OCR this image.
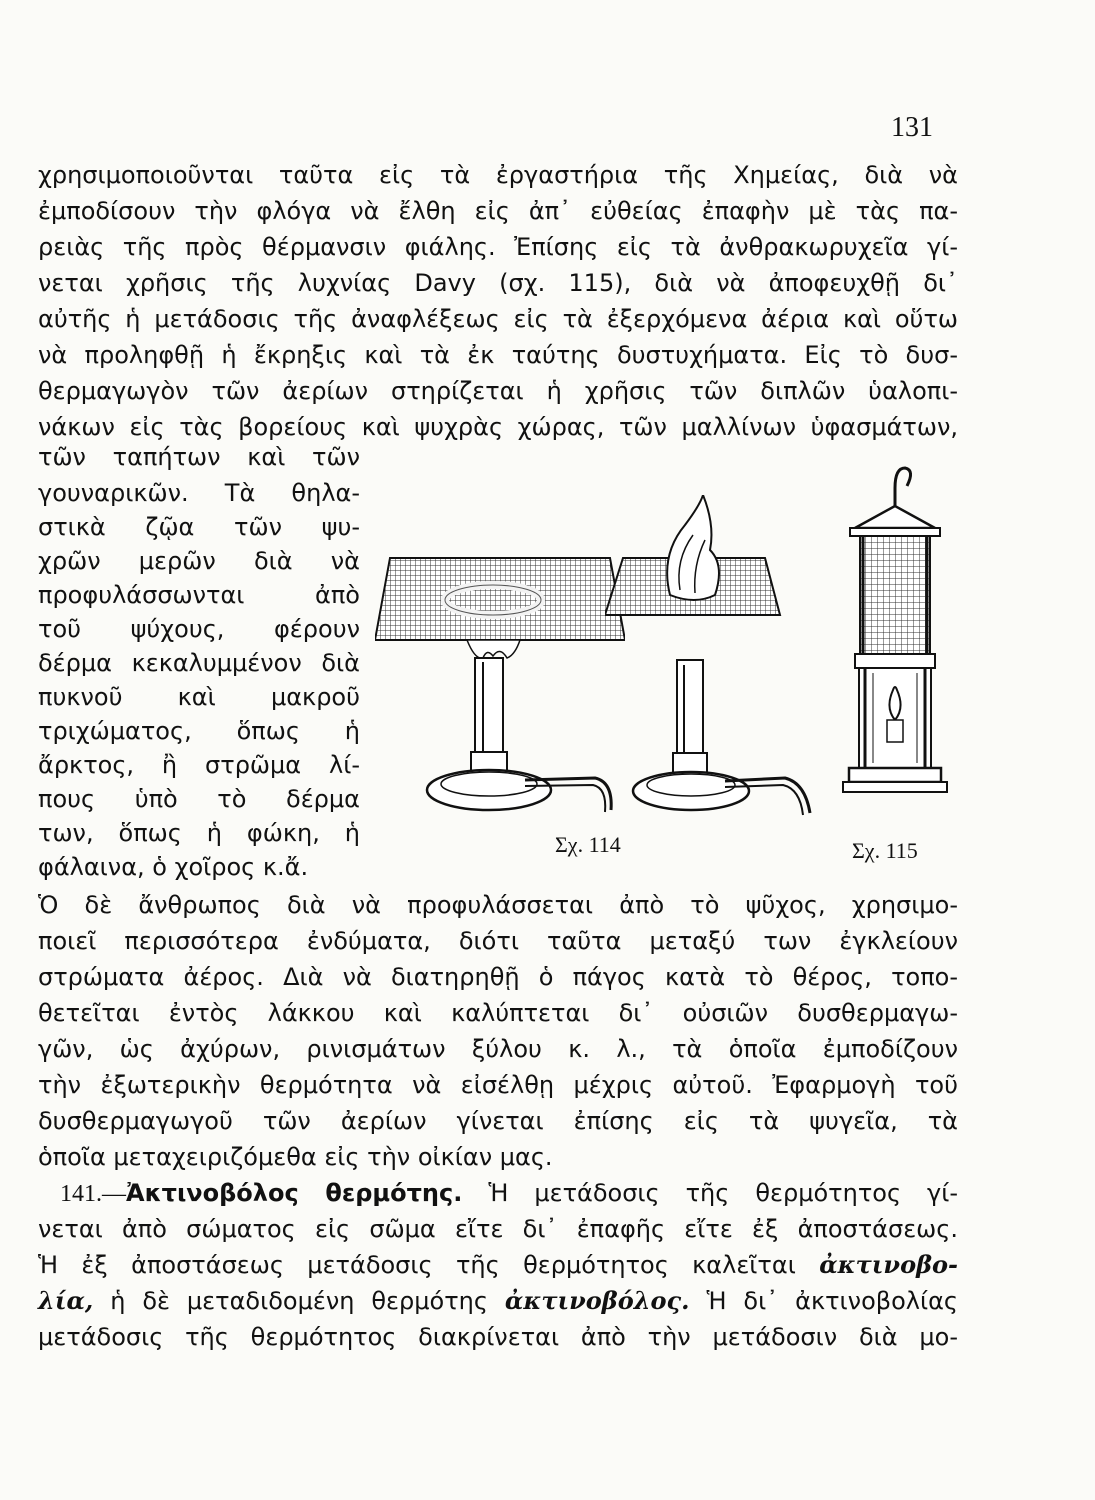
131
χρησιμοποιοῦνται ταῦτα εἰς τὰ ἐργαστήρια τῆς Χημείας, διὰ νὰ
ἐμποδίσουν τὴν φλόγα νὰ ἔλθη εἰς ἀπ᾽ εὐθείας ἐπαφὴν μὲ τὰς πα-
ρειὰς τῆς πρὸς θέρμανσιν φιάλης. Ἐπίσης εἰς τὰ ἀνθρακωρυχεῖα γί-
νεται χρῆσις τῆς λυχνίας Davy (σχ. 115), διὰ νὰ ἀποφευχθῇ δι᾽
αὐτῆς ἡ μετάδοσις τῆς ἀναφλέξεως εἰς τὰ ἐξερχόμενα ἀέρια καὶ οὕτω
νὰ προληφθῇ ἡ ἔκρηξις καὶ τὰ ἐκ ταύτης δυστυχήματα. Εἰς τὸ δυσ-
θερμαγωγὸν τῶν ἀερίων στηρίζεται ἡ χρῆσις τῶν διπλῶν ὑαλοπι-
νάκων εἰς τὰς βορείους καὶ ψυχρὰς χώρας, τῶν μαλλίνων ὑφασμάτων,
τῶν ταπήτων καὶ τῶν
γουναρικῶν. Τὰ θηλα-
στικὰ ζῷα τῶν ψυ-
χρῶν μερῶν διὰ νὰ
προφυλάσσωνται ἀπὸ
τοῦ ψύχους, φέρουν
δέρμα κεκαλυμμένον διὰ
πυκνοῦ καὶ μακροῦ
τριχώματος, ὅπως ἡ
ἄρκτος, ἢ στρῶμα λί-
πους ὑπὸ τὸ δέρμα
των, ὅπως ἡ φώκη, ἡ
φάλαινα, ὁ χοῖρος κ.ἄ.
Σχ. 114	Σχ. 115
Ὁ δὲ ἄνθρωπος διὰ νὰ προφυλάσσεται ἀπὸ τὸ ψῦχος, χρησιμο-
ποιεῖ περισσότερα ἐνδύματα, διότι ταῦτα μεταξύ των ἐγκλείουν
στρώματα ἀέρος. Διὰ νὰ διατηρηθῇ ὁ πάγος κατὰ τὸ θέρος, τοπο-
θετεῖται ἐντὸς λάκκου καὶ καλύπτεται δι᾽ οὐσιῶν δυσθερμαγω-
γῶν, ὡς ἀχύρων, ρινισμάτων ξύλου κ. λ., τὰ ὁποῖα ἐμποδίζουν
τὴν ἐξωτερικὴν θερμότητα νὰ εἰσέλθῃ μέχρις αὐτοῦ. Ἐφαρμογὴ τοῦ
δυσθερμαγωγοῦ τῶν ἀερίων γίνεται ἐπίσης εἰς τὰ ψυγεῖα, τὰ
ὁποῖα μεταχειριζόμεθα εἰς τὴν οἰκίαν μας.
141.—Ἀκτινοβόλος θερμότης. Ἡ μετάδοσις τῆς θερμότητος γί-
νεται ἀπὸ σώματος εἰς σῶμα εἴτε δι᾽ ἐπαφῆς εἴτε ἐξ ἀποστάσεως.
Ἡ ἐξ ἀποστάσεως μετάδοσις τῆς θερμότητος καλεῖται ἀκτινοβο-
λία, ἡ δὲ μεταδιδομένη θερμότης ἀκτινοβόλος. Ἡ δι᾽ ἀκτινοβολίας
μετάδοσις τῆς θερμότητος διακρίνεται ἀπὸ τὴν μετάδοσιν διὰ μο-
